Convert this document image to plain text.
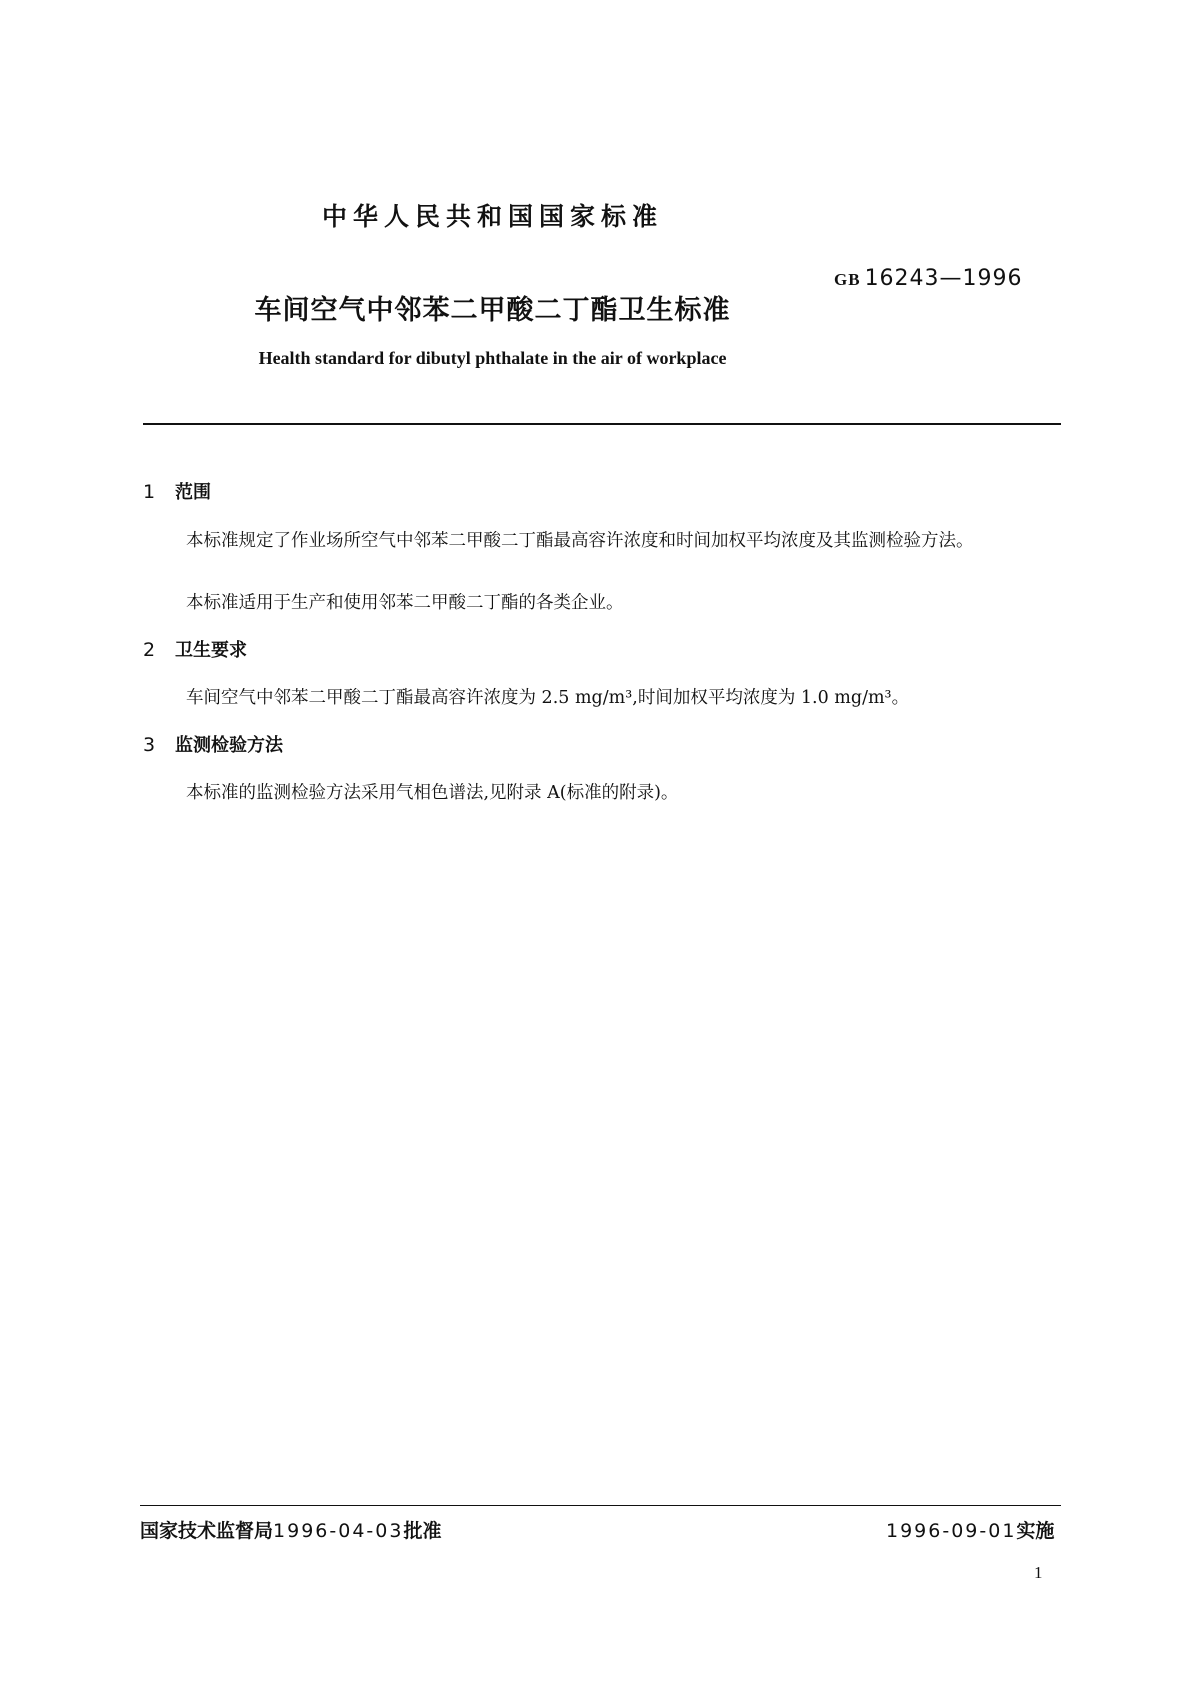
中华人民共和国国家标准
GB 16243—1996
车间空气中邻苯二甲酸二丁酯卫生标准
Health standard for dibutyl phthalate in the air of workplace
1 范围
本标准规定了作业场所空气中邻苯二甲酸二丁酯最高容许浓度和时间加权平均浓度及其监测检验方法。
本标准适用于生产和使用邻苯二甲酸二丁酯的各类企业。
2 卫生要求
车间空气中邻苯二甲酸二丁酯最高容许浓度为 2.5 mg/m³,时间加权平均浓度为 1.0 mg/m³。
3 监测检验方法
本标准的监测检验方法采用气相色谱法,见附录 A(标准的附录)。
国家技术监督局1996-04-03批准	1996-09-01实施
1
